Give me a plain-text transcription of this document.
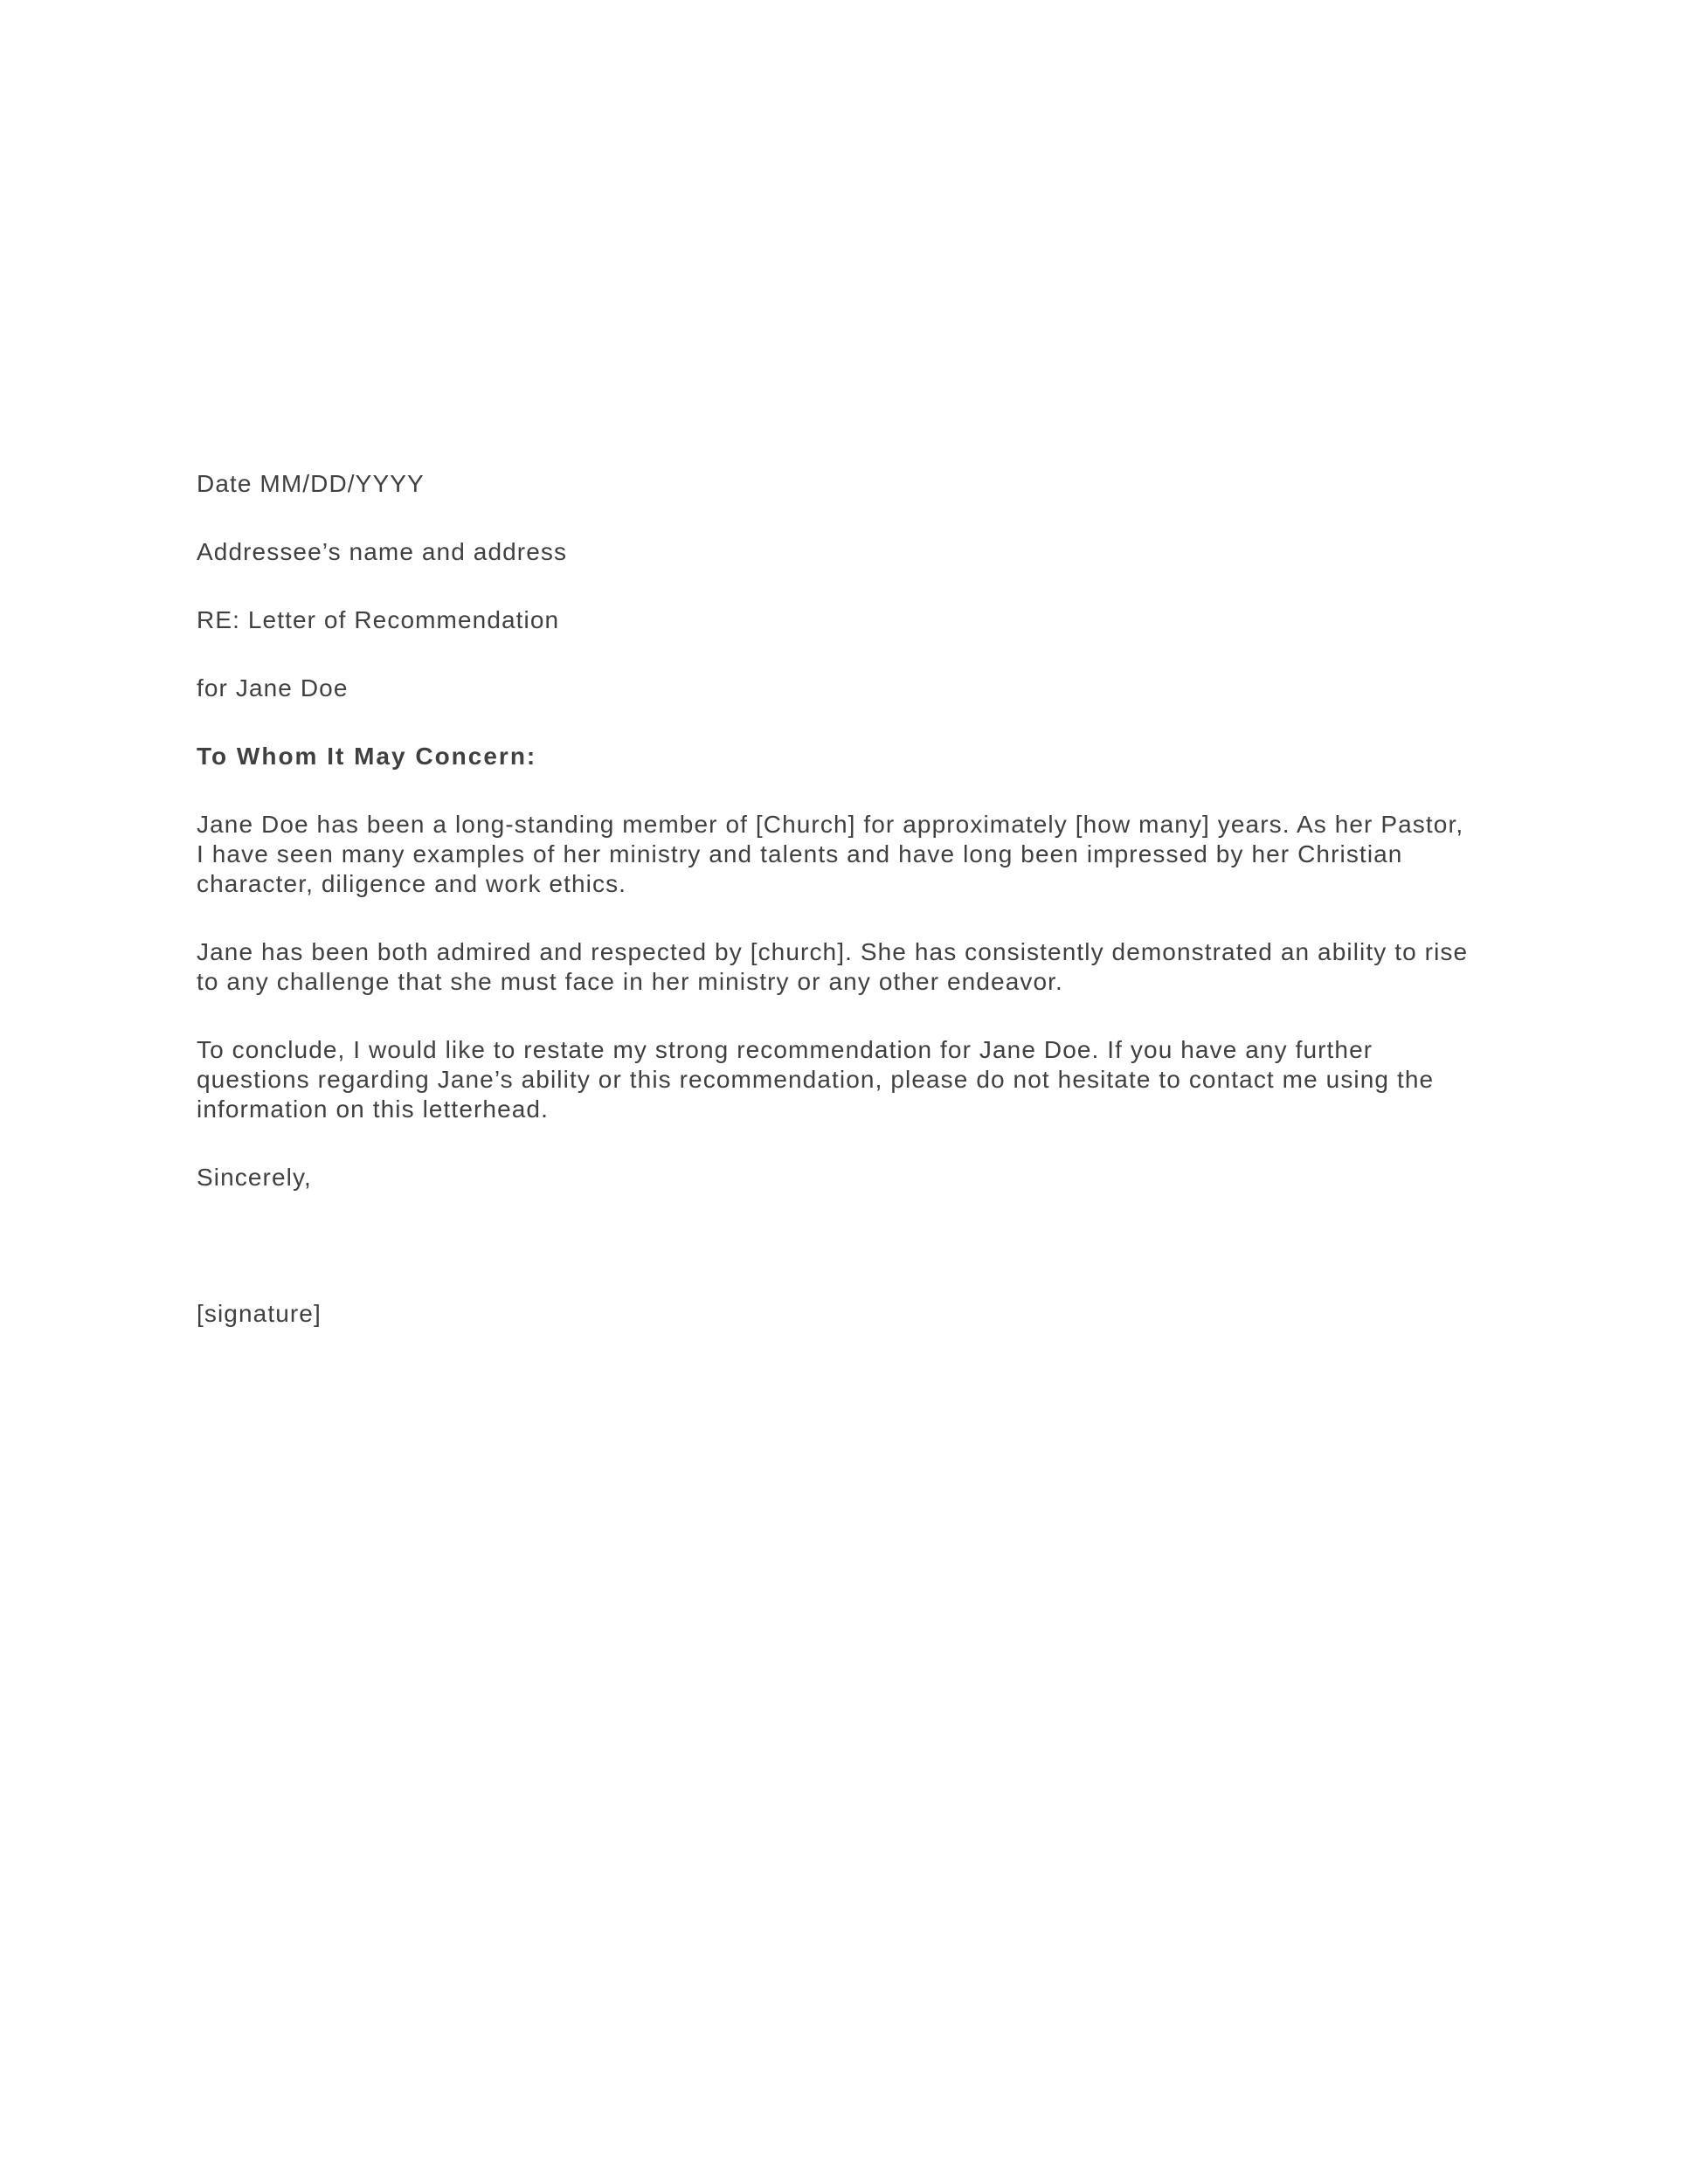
Date MM/DD/YYYY
Addressee’s name and address
RE: Letter of Recommendation
for Jane Doe
To Whom It May Concern:
Jane Doe has been a long-standing member of [Church] for approximately [how many] years. As her Pastor, I have seen many examples of her ministry and talents and have long been impressed by her Christian character, diligence and work ethics.
Jane has been both admired and respected by [church]. She has consistently demonstrated an ability to rise to any challenge that she must face in her ministry or any other endeavor.
To conclude, I would like to restate my strong recommendation for Jane Doe. If you have any further questions regarding Jane’s ability or this recommendation, please do not hesitate to contact me using the information on this letterhead.
Sincerely,
[signature]
